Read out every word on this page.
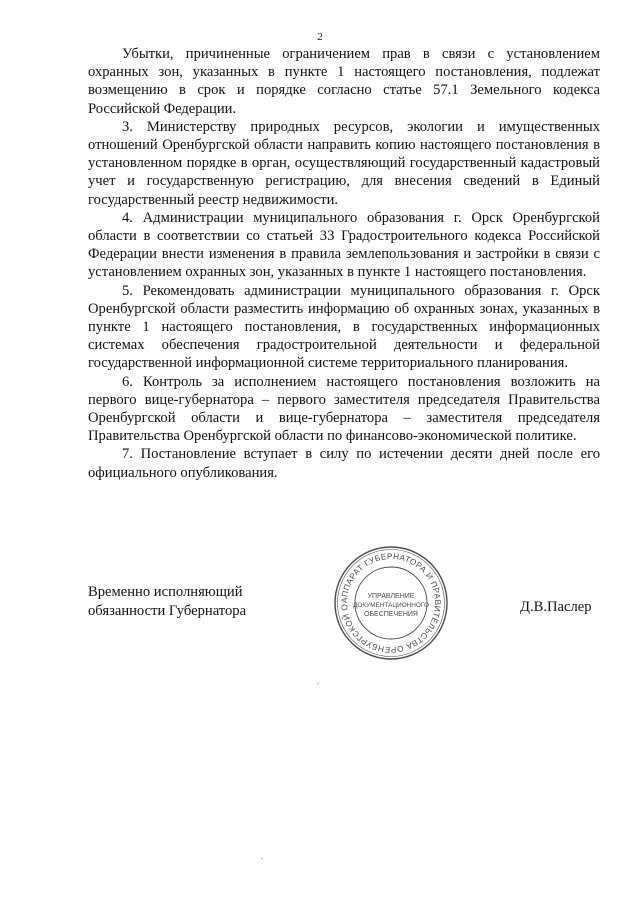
2

Убытки, причиненные ограничением прав в связи с установлением охранных зон, указанных в пункте 1 настоящего постановления, подлежат возмещению в срок и порядке согласно статье 57.1 Земельного кодекса Российской Федерации.

3. Министерству природных ресурсов, экологии и имущественных отношений Оренбургской области направить копию настоящего постановления в установленном порядке в орган, осуществляющий государственный кадастровый учет и государственную регистрацию, для внесения сведений в Единый государственный реестр недвижимости.

4. Администрации муниципального образования г. Орск Оренбургской области в соответствии со статьей 33 Градостроительного кодекса Российской Федерации внести изменения в правила землепользования и застройки в связи с установлением охранных зон, указанных в пункте 1 настоящего постановления.

5. Рекомендовать администрации муниципального образования г. Орск Оренбургской области разместить информацию об охранных зонах, указанных в пункте 1 настоящего постановления, в государственных информационных системах обеспечения градостроительной деятельности и федеральной государственной информационной системе территориального планирования.

6. Контроль за исполнением настоящего постановления возложить на первого вице-губернатора – первого заместителя председателя Правительства Оренбургской области и вице-губернатора – заместителя председателя Правительства Оренбургской области по финансово-экономической политике.

7. Постановление вступает в силу по истечении десяти дней после его официального опубликования.

Временно исполняющий
обязанности Губернатора
АППАРАТ ГУБЕРНАТОРА И ПРАВИТЕЛЬСТВА ОРЕНБУРГСКОЙ О
УПРАВЛЕНИЕ
ДОКУМЕНТАЦИОННОГО
ОБЕСПЕЧЕНИЯ	Д.В.Паслер
